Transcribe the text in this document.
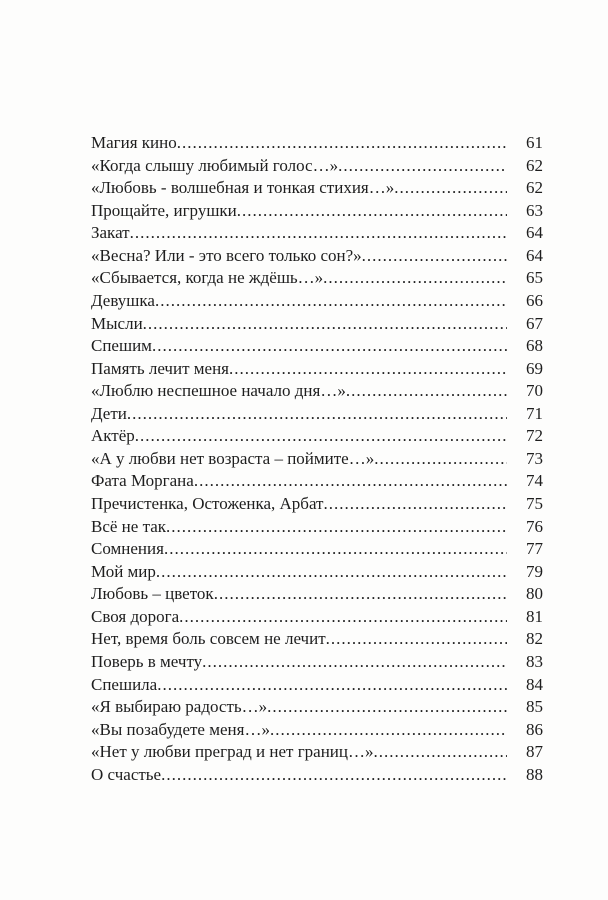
Магия кино .....	61
«Когда слышу любимый голос…» .....	62
«Любовь - волшебная и тонкая стихия…» .....	62
Прощайте, игрушки .....	63
Закат .....	64
«Весна? Или - это всего только сон?» .....	64
«Сбывается, когда не ждёшь…» .....	65
Девушка .....	66
Мысли .....	67
Спешим .....	68
Память лечит меня .....	69
«Люблю неспешное начало дня…» .....	70
Дети .....	71
Актёр .....	72
«А у любви нет возраста – поймите…» .....	73
Фата Моргана .....	74
Пречистенка, Остоженка, Арбат .....	75
Всё не так .....	76
Сомнения .....	77
Мой мир .....	79
Любовь – цветок .....	80
Своя дорога .....	81
Нет, время боль совсем не лечит .....	82
Поверь в мечту .....	83
Спешила .....	84
«Я выбираю радость…» .....	85
«Вы позабудете меня…» .....	86
«Нет у любви преград и нет границ…» .....	87
О счастье .....	88
